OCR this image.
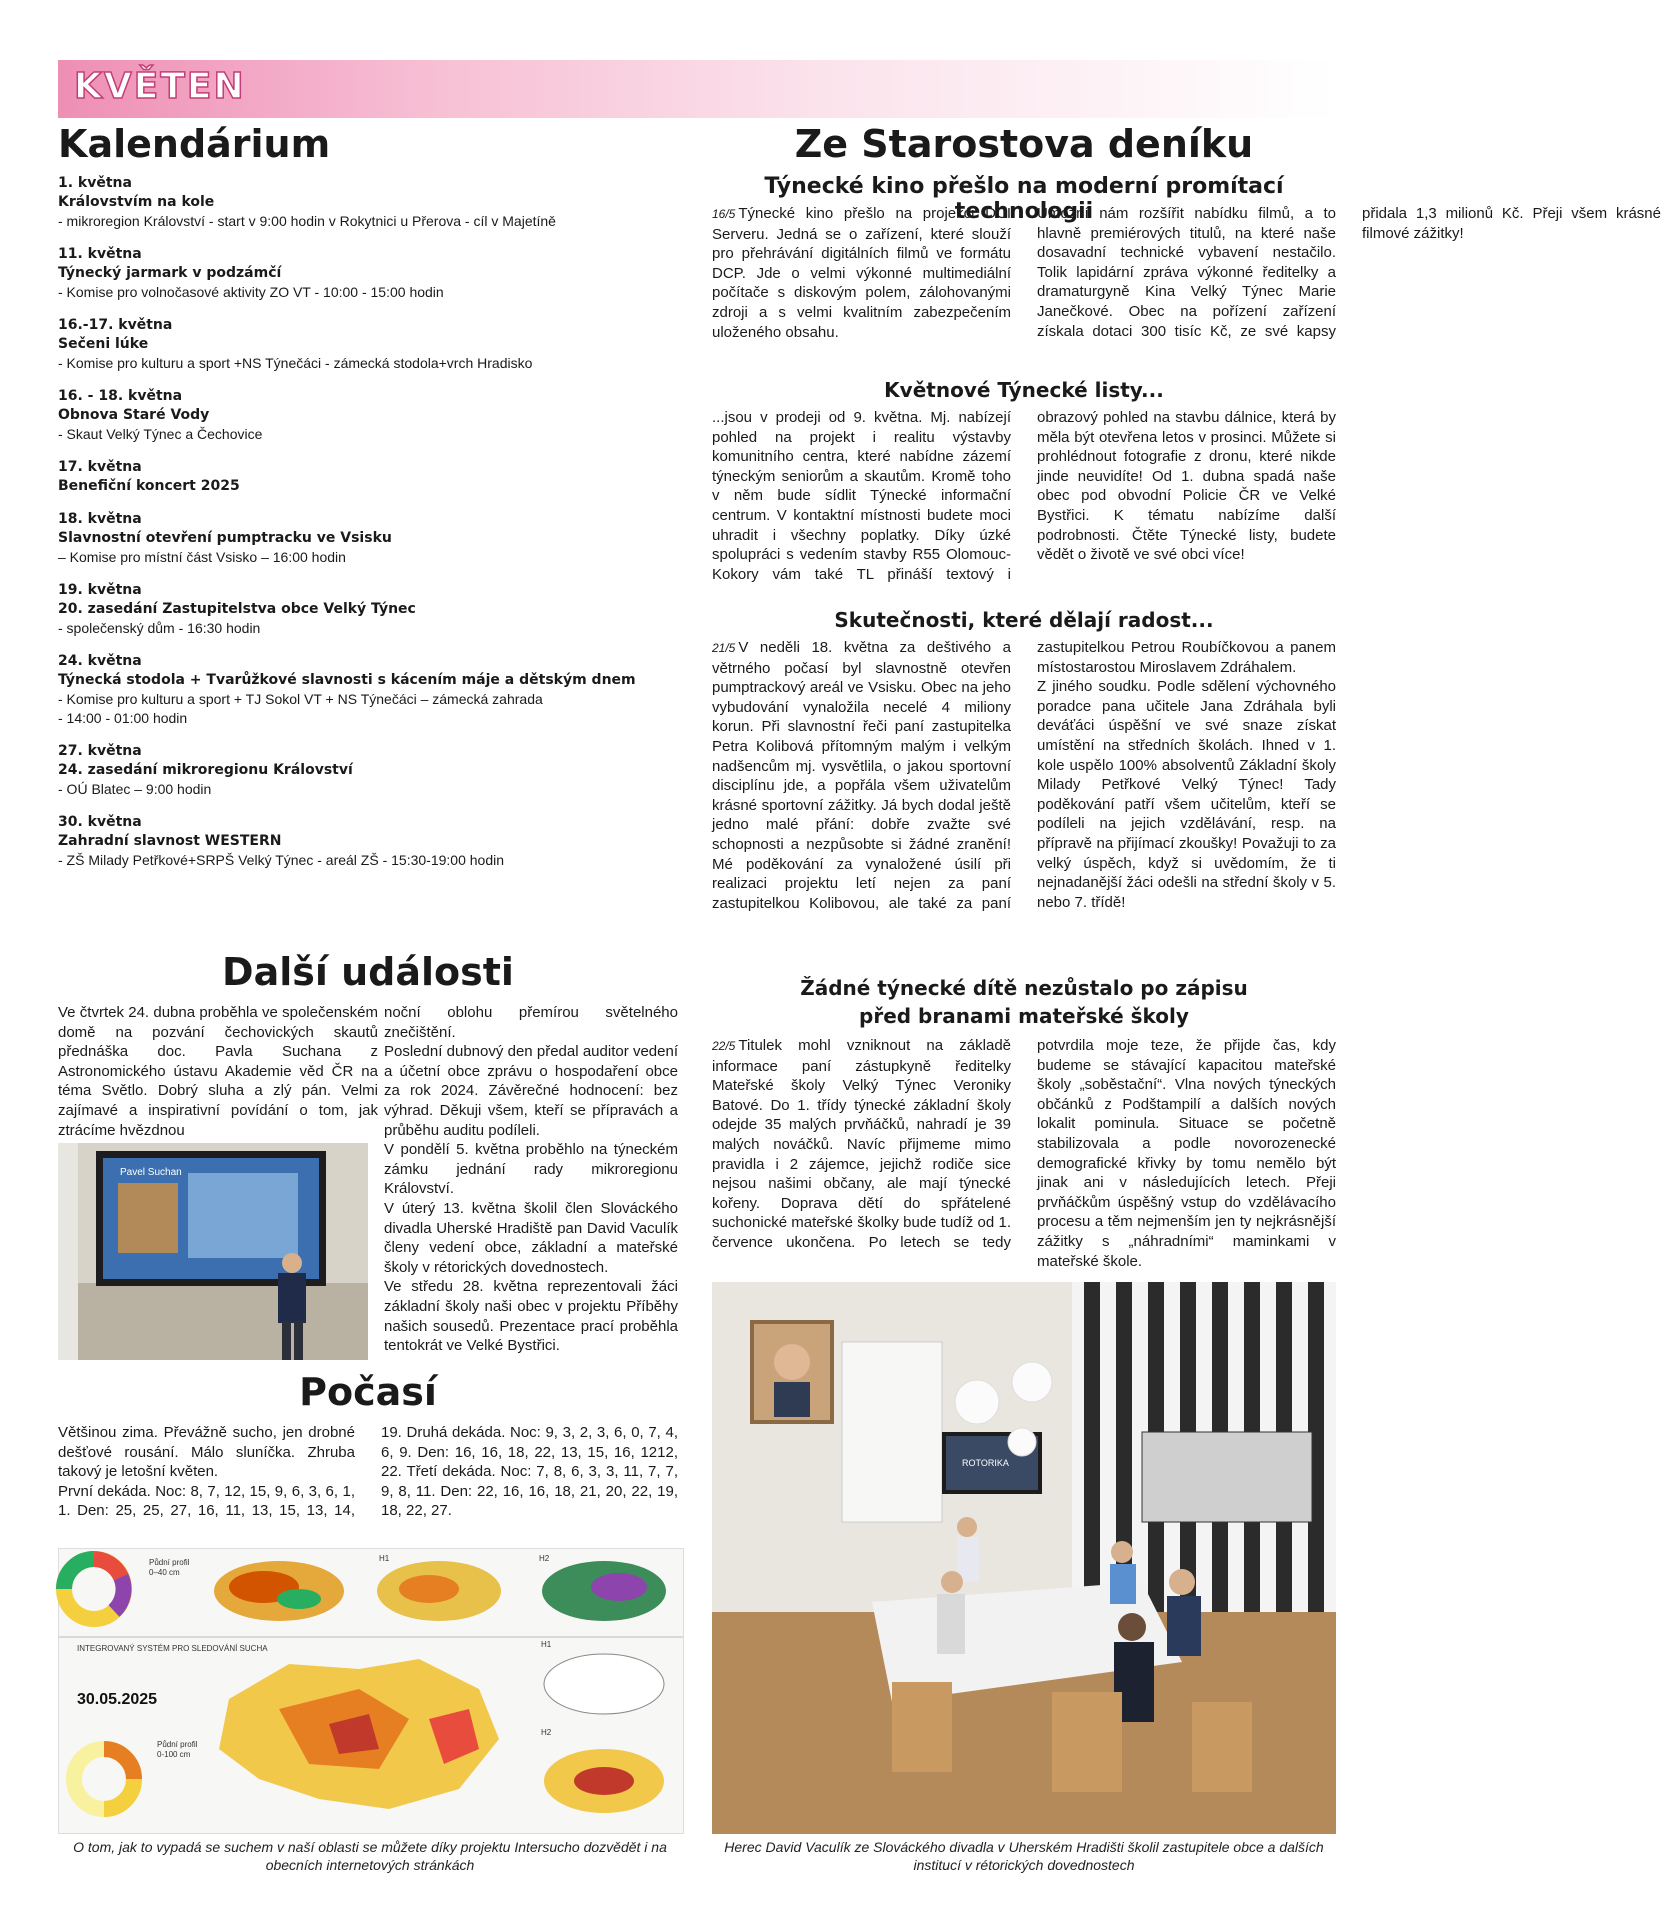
KVĚTEN
Kalendárium
1. května
Královstvím na kole
- mikroregion Království - start v 9:00 hodin v Rokytnici u Přerova - cíl v Majetíně
11. května
Týnecký jarmark v podzámčí
- Komise pro volnočasové aktivity ZO VT - 10:00 - 15:00 hodin
16.-17. května
Sečeni lúke
- Komise pro kulturu a sport +NS Týnečáci - zámecká stodola+vrch Hradisko
16. - 18. května
Obnova Staré Vody
- Skaut Velký Týnec a Čechovice
17. května
Benefiční koncert 2025
18. května
Slavnostní otevření pumptracku ve Vsisku
– Komise pro místní část Vsisko – 16:00 hodin
19. května
20. zasedání Zastupitelstva obce Velký Týnec
- společenský dům - 16:30 hodin
24. května
Týnecká stodola + Tvarůžkové slavnosti s kácením máje a dětským dnem
- Komise pro kulturu a sport + TJ Sokol VT + NS Týnečáci – zámecká zahrada
- 14:00 - 01:00 hodin
27. května
24. zasedání mikroregionu Království
- OÚ Blatec – 9:00 hodin
30. května
Zahradní slavnost WESTERN
- ZŠ Milady Petřkové+SRPŠ Velký Týnec - areál ZŠ - 15:30-19:00 hodin
Další události
Ve čtvrtek 24. dubna proběhla ve společenském domě na pozvání čechovických skautů přednáška doc. Pavla Suchana z Astronomického ústavu Akademie věd ČR na téma Světlo. Dobrý sluha a zlý pán. Velmi zajímavé a inspirativní povídání o tom, jak ztrácíme hvězdnou
noční oblohu přemírou světelného znečištění.
Poslední dubnový den předal auditor vedení a účetní obce zprávu o hospodaření obce za rok 2024. Závěrečné hodnocení: bez výhrad. Děkuji všem, kteří se přípravách a průběhu auditu podíleli.
V pondělí 5. května proběhlo na týneckém zámku jednání rady mikroregionu Království.
V úterý 13. května školil člen Slováckého divadla Uherské Hradiště pan David Vaculík členy vedení obce, základní a mateřské školy v rétorických dovednostech.
Ve středu 28. května reprezentovali žáci základní školy naši obec v projektu Příběhy našich sousedů. Prezentace prací proběhla tentokrát ve Velké Bystřici.
Pavel Suchan
Počasí
Většinou zima. Převážně sucho, jen drobné dešťové rousání. Málo sluníčka. Zhruba takový je letošní květen.
První dekáda. Noc: 8, 7, 12, 15, 9, 6, 3, 6, 1, 1. Den: 25, 25, 27, 16, 11, 13, 15, 13, 14, 19. Druhá dekáda. Noc: 9, 3, 2, 3, 6, 0, 7, 4, 6, 9. Den: 16, 16, 18, 22, 13, 15, 16, 1212, 22. Třetí dekáda. Noc: 7, 8, 6, 3, 3, 11, 7, 7, 9, 8, 11. Den: 22, 16, 16, 18, 21, 20, 22, 19, 18, 22, 27.
Půdní profil
0–40 cm
H1	H2
INTEGROVANÝ SYSTÉM PRO SLEDOVÁNÍ SUCHA
30.05.2025
Půdní profil
0-100 cm
H1
H2
O tom, jak to vypadá se suchem v naší oblasti se můžete díky projektu Intersucho dozvědět i na obecních internetových stránkách
Ze Starostova deníku
Týnecké kino přešlo na moderní promítací technologii
16/5 Týnecké kino přešlo na projekci DCI Serveru. Jedná se o zařízení, které slouží pro přehrávání digitálních filmů ve formátu DCP. Jde o velmi výkonné multimediální počítače s diskovým polem, zálohovanými zdroji a s velmi kvalitním zabezpečením uloženého obsahu.
Umožní nám rozšířit nabídku filmů, a to hlavně premiérových titulů, na které naše dosavadní technické vybavení nestačilo. Tolik lapidární zpráva výkonné ředitelky a dramaturgyně Kina Velký Týnec Marie Janečkové. Obec na pořízení zařízení získala dotaci 300 tisíc Kč, ze své kapsy přidala 1,3 milionů Kč. Přeji všem krásné filmové zážitky!
Květnové Týnecké listy...
...jsou v prodeji od 9. května. Mj. nabízejí pohled na projekt i realitu výstavby komunitního centra, které nabídne zázemí týneckým seniorům a skautům. Kromě toho v něm bude sídlit Týnecké informační centrum. V kontaktní místnosti budete moci uhradit i všechny poplatky. Díky úzké spolupráci s vedením stavby R55 Olomouc-Kokory vám také TL přináší textový i obrazový pohled na stavbu dálnice, která by měla být otevřena letos v prosinci. Můžete si prohlédnout fotografie z dronu, které nikde jinde neuvidíte! Od 1. dubna spadá naše obec pod obvodní Policie ČR ve Velké Bystřici. K tématu nabízíme další podrobnosti. Čtěte Týnecké listy, budete vědět o životě ve své obci více!
Skutečnosti, které dělají radost...
21/5 V neděli 18. května za deštivého a větrného počasí byl slavnostně otevřen pumptrackový areál ve Vsisku. Obec na jeho vybudování vynaložila necelé 4 miliony korun. Při slavnostní řeči paní zastupitelka Petra Kolibová přítomným malým i velkým nadšencům mj. vysvětlila, o jakou sportovní disciplínu jde, a popřála všem uživatelům krásné sportovní zážitky. Já bych dodal ještě jedno malé přání: dobře zvažte své schopnosti a nezpůsobte si žádné zranění! Mé poděkování za vynaložené úsilí při realizaci projektu letí nejen za paní zastupitelkou Kolibovou, ale také za paní zastupitelkou Petrou Roubíčkovou a panem místostarostou Miroslavem Zdráhalem.
Z jiného soudku. Podle sdělení výchovného poradce pana učitele Jana Zdráhala byli deváťáci úspěšní ve své snaze získat umístění na středních školách. Ihned v 1. kole uspělo 100% absolventů Základní školy Milady Petřkové Velký Týnec! Tady poděkování patří všem učitelům, kteří se podíleli na jejich vzdělávání, resp. na přípravě na přijímací zkoušky! Považuji to za velký úspěch, když si uvědomím, že ti nejnadanější žáci odešli na střední školy v 5. nebo 7. třídě!
Žádné týnecké dítě nezůstalo po zápisu
před branami mateřské školy
22/5 Titulek mohl vzniknout na základě informace paní zástupkyně ředitelky Mateřské školy Velký Týnec Veroniky Batové. Do 1. třídy týnecké základní školy odejde 35 malých prvňáčků, nahradí je 39 malých nováčků. Navíc přijmeme mimo pravidla i 2 zájemce, jejichž rodiče sice nejsou našimi občany, ale mají týnecké kořeny. Doprava dětí do spřátelené suchonické mateřské školky bude tudíž od 1. července ukončena. Po letech se tedy potvrdila moje teze, že přijde čas, kdy budeme se stávající kapacitou mateřské školy „soběstační“. Vlna nových týneckých občánků z Podštampilí a dalších nových lokalit pominula. Situace se početně stabilizovala a podle novorozenecké demografické křivky by tomu nemělo být jinak ani v následujících letech. Přeji prvňáčkům úspěšný vstup do vzdělávacího procesu a těm nejmenším jen ty nejkrásnější zážitky s „náhradními“ maminkami v mateřské škole.
ROTORIKA
Herec David Vaculík ze Slováckého divadla v Uherském Hradišti školil zastupitele obce a dalších institucí v rétorických dovednostech
